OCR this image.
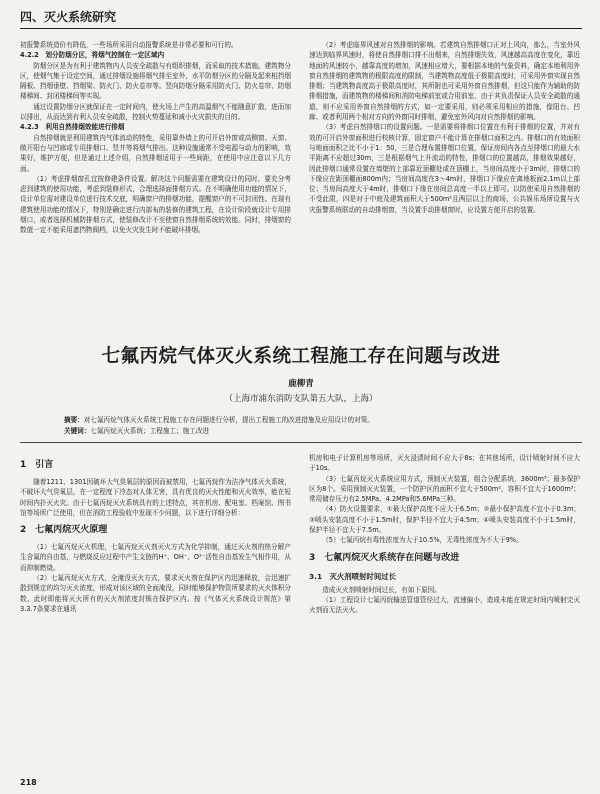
四、灭火系统研究

初报警系统造价有降低，一些场所采用自动报警系统是非常必要和可行的。

4.2.2　划分防烟分区，将烟气控制在一定区域内

防烟分区是为有利于建筑物内人员安全疏散与有组织排烟，而采取的技术措施。建筑物分区，使烟气集于设定空间，通过排烟设施将烟气排至室外，水平防烟分区的分隔及起来相挡烟隔板、挡烟垂壁、挡烟梁、防火门、防火卷帘等。竖向防烟分隔采用防火门、防火卷帘、防烟楼梯间、封闭楼梯间等实现。

通过设置防烟分区就保证在一定时间内，使火场上产生的高温烟气不能随意扩散，进而加以排出，从而达到有利人员安全疏散，控制火势蔓延和减小火灾损失的目的。

4.2.3　利用自然排烟效能进行排烟

自然排烟就是利用建筑内气体流动的特性，采用靠外墙上的可开启外窗或高侧窗、天窗、敞开阳台与凹廊或专用排烟口、竖井等将烟气排出。这种设施通常不受电源与动力的影响，效果好，维护方便，但是通过上述介绍，自然排烟适用于一些间距，在使用中应注意以下几方面。

（1）考虑排烟窗孔宜按修建条件设置。解决这个问题需要在建筑设计的同时，要充分考虑到建筑的使用功能，考虑到装修形式，合理选择面排烟方式。在不明确使用功能的情况下，设计单位需对建设单位进行技术交底，明确窗户的排烟功能，提醒窗户的不可封闭性。在现有建筑使用功能的情况下，特别是确定进行内部布的装修的建筑工程，在设计阶段就设计专用排烟口，或者选择机械防排烟方式，使装修改计不至使窗自然排烟系统的效能。同时，排烟窗的数值一定不能采用遮挡物阀档，以免火灾发生时不能破坏排烟。

（2）考虑临界风速对自然排烟的影响。若建筑自然排烟口正对上风向，那么，当室外风速达到临界风速时，将使自然排烟口排不出烟来，自然排烟失效，风速越高高度在变化，靠近地面的风速较小，越靠高度的增加，风速相应增大，要根据本地的气象资料，确定本地利用外窗自然排烟的建筑物的极限高度的限制，当建筑物高度低于极限高度时，可采用外窗实现自然排烟；当建筑物高度高于极限高度时，其所附也可采用外窗自然排烟，但这只能作为辅助的防排烟措施，而建筑物的楼梯间和消防电梯前室或合用前室、由于其负责保证人员安全疏散的通道，则不应采用外窗自然排烟的方式，如一定要采用，则必须采用相应的措施，像阳台、凹廊、或者利用两个相对方向的外窗同时排烟，避免室外风向对自然排烟的影响。

（3）考虑自然排烟口的设置问题。一是需要将排烟口位置在有利于排烟的位置，并对有效的可开启外窗面积进行校核计算，固定窗户不能计算在排烟口面积之内。排烟口的有效面积与地面面积之比不小于1：50，三是合理布置排烟口位置，保证房间内各点至排烟口的最大水平距离不应超过30m，三是根据烟气上升流动的特性，排烟口的位置越高，排烟效果越好，因此排烟口通常设置在墙壁的上部靠近顶棚处或在顶棚上，当房间高度小于3m时，排烟口的下缘应在距顶棚面800m内；当房间高度在3～4m时，排烟口下缘应在离地板面2.1m以上部位；当房间高度大于4m时，排烟口下缘在房间总高度一半以上即可。以防使采用自然排烟的不受此限，四是对于中庭及建筑面积大于500m²且两层以上的商场，公共娱乐场所设置与火灾报警系统联动的自动排烟窗，当设置手动排烟窗时，应设置方便开启的装置。

七氟丙烷气体灭火系统工程施工存在问题与改进
鹿柳青
（上海市浦东消防支队第五大队，上海）
摘要：对七氟丙烷气体灭火系统工程施工存在问题进行分析，提出工程施工的改进措施及应用设计的对策。
关键词：七氟丙烷灭火系统；工程施工；施工改进
1　引言

随着1211、1301因破坏大气臭氧层的原因而被禁用，七氟丙烷作为洁净气体灭火系统，不破坏大气臭氧层，在一定程度下冷态对人体无害，具有优良的灭火性能和灭火效率，能在短时间内扑灭火灾。由于七氟丙烷灭火系统具有的上述特点，其在机房、配电室、档案馆、图书馆等场所广泛使用，但在消防工程验收中发现不少问题，以下进行详细分析：

2　七氟丙烷灭火原理

（1）七氟丙烷灭火机理，七氟丙烷灭火剂灭火方式为化学抑制，通过灭火剂的热分解产生含氟的自由基，与燃烧反应过程中产生支链的H⁺、OH⁻、O²⁻活性自由基发生气相作用，从而抑制燃烧。

（2）七氟丙烷灭火方式，全淹没灭火方式，要求灭火剂在保护区内迅速释放，会迅速扩散到规定的均匀灭火浓度，形成对该区域的全面淹没，同时能够保护物资所要求的灭火体积分数，此时即能将灭火所有的灭火剂浓度封锁在保护区内。按《气体灭火系统设计规范》第3.3.7条要求在通讯

机房和电子计算机房等场所，灭火浸渍时间不应大于8s；在其他场所，设计喷射时间不应大于10s。

（3）七氟丙烷灭火系统应用方式，预制灭火装置，组合分配系统，3600m³；最多保护区为8个。采用预制灭火装置，一个防护区的面积不宜大于500m²，容积不宜大于1600m³；常用储存压力有2.5MPa、4.2MPa和5.6MPa三种。

（4）防火设置要求，①最大保护高度不应大于6.5m；②最小保护高度不宜小于0.3m；③喷头安装高度不小于1.5m时，保护半径不宜大于4.5m；④喷头安装高度不小于1.5m时，保护半径不宜大于7.5m。

（5）七氟丙烷有毒性浓度为大于10.5%，无毒性浓度为不大于9%。

3　七氟丙烷灭火系统存在问题与改进
3.1　灭火剂喷射时间过长

造成灭火剂喷射时间过长，有如下原因。

（1）工程设计七氟丙烷输送管道管径过大，流速偏小，造成未能在规定时间内喷射完灭火剂而无法灭火。

218
